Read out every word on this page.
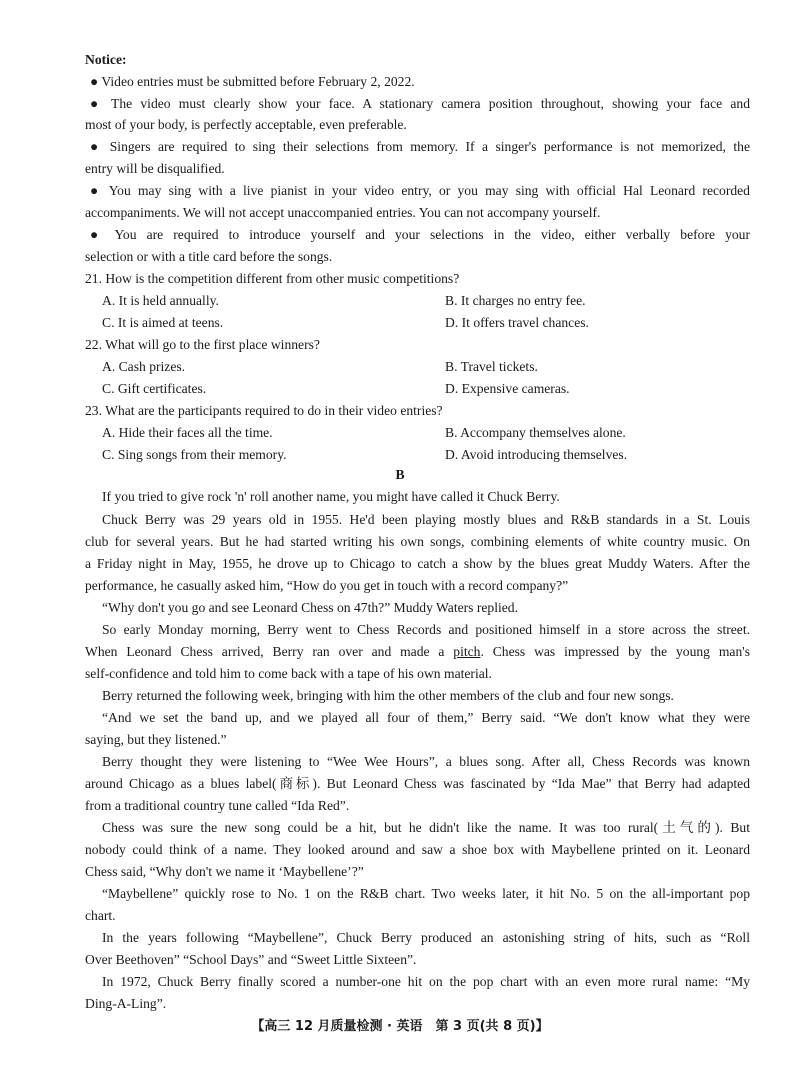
Notice:
● Video entries must be submitted before February 2, 2022.
● The video must clearly show your face. A stationary camera position throughout, showing your face and
most of your body, is perfectly acceptable, even preferable.
● Singers are required to sing their selections from memory. If a singer's performance is not memorized, the
entry will be disqualified.
● You may sing with a live pianist in your video entry, or you may sing with official Hal Leonard recorded
accompaniments. We will not accept unaccompanied entries. You can not accompany yourself.
● You are required to introduce yourself and your selections in the video, either verbally before your
selection or with a title card before the songs.
21. How is the competition different from other music competitions?
A. It is held annually.	B. It charges no entry fee.
C. It is aimed at teens.	D. It offers travel chances.
22. What will go to the first place winners?
A. Cash prizes.	B. Travel tickets.
C. Gift certificates.	D. Expensive cameras.
23. What are the participants required to do in their video entries?
A. Hide their faces all the time.	B. Accompany themselves alone.
C. Sing songs from their memory.	D. Avoid introducing themselves.
B
If you tried to give rock 'n' roll another name, you might have called it Chuck Berry.
Chuck Berry was 29 years old in 1955. He'd been playing mostly blues and R&B standards in a St. Louis
club for several years. But he had started writing his own songs, combining elements of white country music. On
a Friday night in May, 1955, he drove up to Chicago to catch a show by the blues great Muddy Waters. After the
performance, he casually asked him, “How do you get in touch with a record company?”
“Why don't you go and see Leonard Chess on 47th?” Muddy Waters replied.
So early Monday morning, Berry went to Chess Records and positioned himself in a store across the street.
When Leonard Chess arrived, Berry ran over and made a pitch. Chess was impressed by the young man's
self-confidence and told him to come back with a tape of his own material.
Berry returned the following week, bringing with him the other members of the club and four new songs.
“And we set the band up, and we played all four of them,” Berry said. “We don't know what they were
saying, but they listened.”
Berry thought they were listening to “Wee Wee Hours”, a blues song. After all, Chess Records was known
around Chicago as a blues label(商标). But Leonard Chess was fascinated by “Ida Mae” that Berry had adapted
from a traditional country tune called “Ida Red”.
Chess was sure the new song could be a hit, but he didn't like the name. It was too rural(土气的). But
nobody could think of a name. They looked around and saw a shoe box with Maybellene printed on it. Leonard
Chess said, “Why don't we name it ‘Maybellene’?”
“Maybellene” quickly rose to No. 1 on the R&B chart. Two weeks later, it hit No. 5 on the all-important pop
chart.
In the years following “Maybellene”, Chuck Berry produced an astonishing string of hits, such as “Roll
Over Beethoven” “School Days” and “Sweet Little Sixteen”.
In 1972, Chuck Berry finally scored a number-one hit on the pop chart with an even more rural name: “My
Ding-A-Ling”.
【高三 12 月质量检测 · 英语　第 3 页(共 8 页)】
